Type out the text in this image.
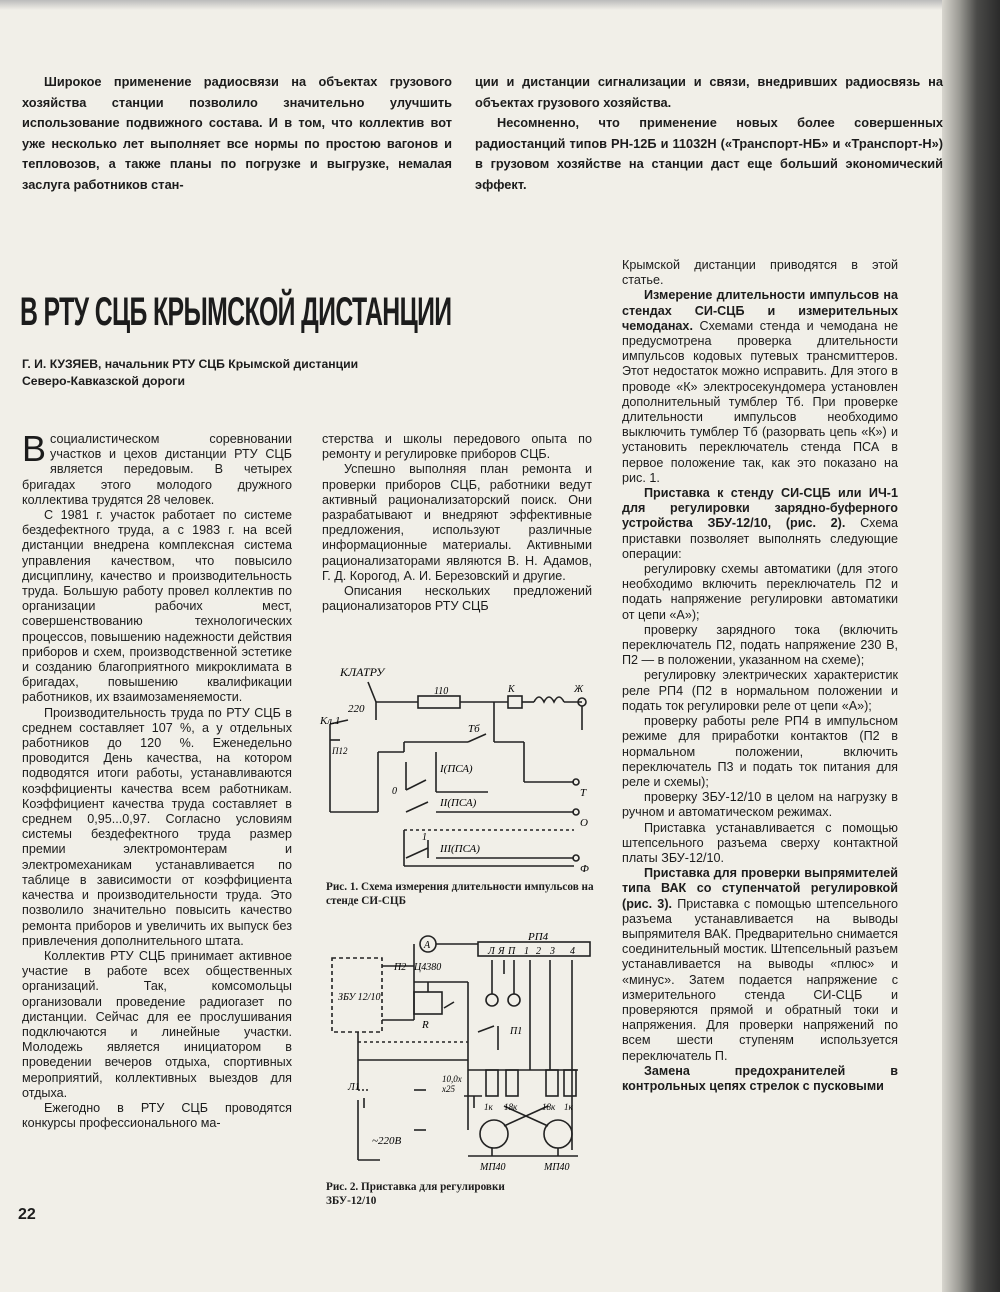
Широкое применение радиосвязи на объектах грузового хозяйства станции позволило значительно улучшить использование подвижного состава. И в том, что коллектив вот уже несколько лет выполняет все нормы по простою вагонов и тепловозов, а также планы по погрузке и выгрузке, немалая заслуга работников стан-

ции и дистанции сигнализации и связи, внедривших радиосвязь на объектах грузового хозяйства.

Несомненно, что применение новых более совершенных радиостанций типов РН-12Б и 11032Н («Транспорт-НБ» и «Транспорт-Н») в грузовом хозяйстве на станции даст еще больший экономический эффект.

В РТУ СЦБ КРЫМСКОЙ ДИСТАНЦИИ
Г. И. КУЗЯЕВ, начальник РТУ СЦБ Крымской дистанции
Северо-Кавказской дороги

Всоциалистическом соревновании участков и цехов дистанции РТУ СЦБ является передовым. В четырех бригадах этого молодого дружного коллектива трудятся 28 человек.

С 1981 г. участок работает по системе бездефектного труда, а с 1983 г. на всей дистанции внедрена комплексная система управления качеством, что повысило дисциплину, качество и производительность труда. Большую работу провел коллектив по организации рабочих мест, совершенствованию технологических процессов, повышению надежности действия приборов и схем, производственной эстетике и созданию благоприятного микроклимата в бригадах, повышению квалификации работников, их взаимозаменяемости.

Производительность труда по РТУ СЦБ в среднем составляет 107 %, а у отдельных работников до 120 %. Еженедельно проводится День качества, на котором подводятся итоги работы, устанавливаются коэффициенты качества всем работникам. Коэффициент качества труда составляет в среднем 0,95...0,97. Согласно условиям системы бездефектного труда размер премии электромонтерам и электромеханикам устанавливается по таблице в зависимости от коэффициента качества и производительности труда. Это позволило значительно повысить качество ремонта приборов и увеличить их выпуск без привлечения дополнительного штата.

Коллектив РТУ СЦБ принимает активное участие в работе всех общественных организаций. Так, комсомольцы организовали проведение радиогазет по дистанции. Сейчас для ее прослушивания подключаются и линейные участки. Молодежь является инициатором в проведении вечеров отдыха, спортивных мероприятий, коллективных выездов для отдыха.

Ежегодно в РТУ СЦБ проводятся конкурсы профессионального ма-

стерства и школы передового опыта по ремонту и регулировке приборов СЦБ.

Успешно выполняя план ремонта и проверки приборов СЦБ, работники ведут активный рационализаторский поиск. Они разрабатывают и внедряют эффективные предложения, используют различные информационные материалы. Активными рационализаторами являются В. Н. Адамов, Г. Д. Корогод, А. И. Березовский и другие.

Описания нескольких предложений рационализаторов РТУ СЦБ

КЛАТРУ
220
Кл.1
П12
110	К	Ж
Тб
I(ПСА)
II(ПСА)
III(ПСА)
Т
О
Ф
0
1
Рис. 1. Схема измерения длительности импульсов на стенде СИ-СЦБ
А
Ц4380
РП4
Л Я П 1 2 3 4
ЗБУ 12/10
П2
R
П1
10,0x
x25
1к 18к	18к 1к
МП40	МП40
Л1
~220В
Рис. 2. Приставка для регулировки
ЗБУ-12/10

Крымской дистанции приводятся в этой статье.

Измерение длительности импульсов на стендах СИ-СЦБ и измерительных чемоданах. Схемами стенда и чемодана не предусмотрена проверка длительности импульсов кодовых путевых трансмиттеров. Этот недостаток можно исправить. Для этого в проводе «К» электросекундомера установлен дополнительный тумблер Тб. При проверке длительности импульсов необходимо выключить тумблер Тб (разорвать цепь «К») и установить переключатель стенда ПСА в первое положение так, как это показано на рис. 1.

Приставка к стенду СИ-СЦБ или ИЧ-1 для регулировки зарядно-буферного устройства ЗБУ-12/10, (рис. 2). Схема приставки позволяет выполнять следующие операции:

регулировку схемы автоматики (для этого необходимо включить переключатель П2 и подать напряжение регулировки автоматики от цепи «А»);

проверку зарядного тока (включить переключатель П2, подать напряжение 230 В, П2 — в положении, указанном на схеме);

регулировку электрических характеристик реле РП4 (П2 в нормальном положении и подать ток регулировки реле от цепи «А»);

проверку работы реле РП4 в импульсном режиме для приработки контактов (П2 в нормальном положении, включить переключатель П3 и подать ток питания для реле и схемы);

проверку ЗБУ-12/10 в целом на нагрузку в ручном и автоматическом режимах.

Приставка устанавливается с помощью штепсельного разъема сверху контактной платы ЗБУ-12/10.

Приставка для проверки выпрямителей типа ВАК со ступенчатой регулировкой (рис. 3). Приставка с помощью штепсельного разъема устанавливается на выводы выпрямителя ВАК. Предварительно снимается соединительный мостик. Штепсельный разъем устанавливается на выводы «плюс» и «минус». Затем подается напряжение с измерительного стенда СИ-СЦБ и проверяются прямой и обратный токи и напряжения. Для проверки напряжений по всем шести ступеням используется переключатель П.

Замена предохранителей в контрольных цепях стрелок с пусковыми

22
